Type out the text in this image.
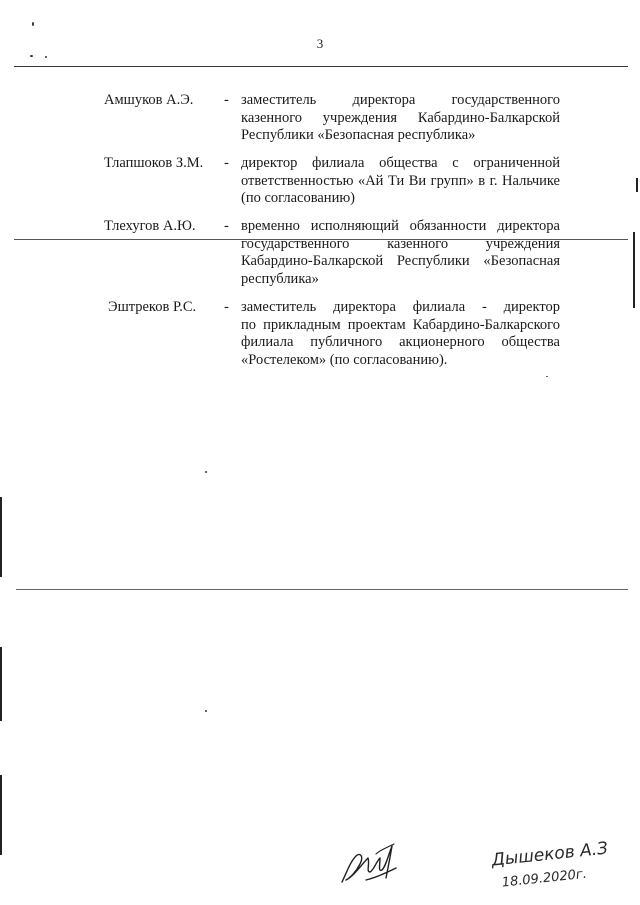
3
Амшуков А.Э. - заместитель директора государственного
казенного учреждения Кабардино-Балкарской
Республики «Безопасная республика»
Тлапшоков З.М. - директор филиала общества с ограниченной
ответственностью «Ай Ти Ви групп» в г. Нальчике
(по согласованию)
Тлехугов А.Ю. - временно исполняющий обязанности директора
государственного казенного учреждения
Кабардино-Балкарской Республики «Безопасная
республика»
Эштреков Р.С. - заместитель директора филиала - директор
по прикладным проектам Кабардино-Балкарского
филиала публичного акционерного общества
«Ростелеком» (по согласованию).
Дышеков А.З
18.09.2020г.
